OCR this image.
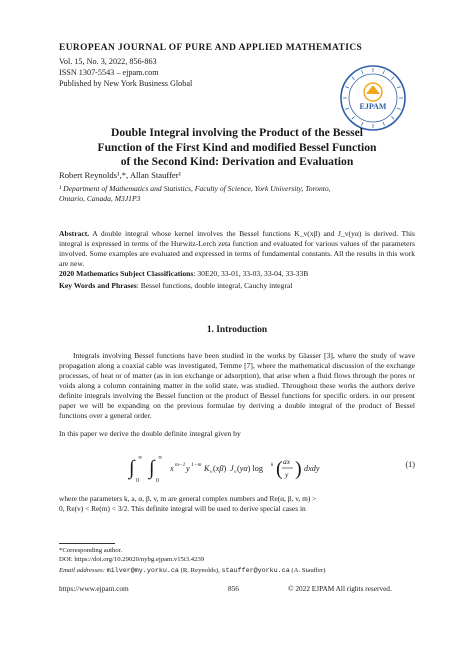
EUROPEAN JOURNAL OF PURE AND APPLIED MATHEMATICS
Vol. 15, No. 3, 2022, 856-863
ISSN 1307-5543 – ejpam.com
Published by New York Business Global
EJPAM
Double Integral involving the Product of the Bessel
Function of the First Kind and modified Bessel Function
of the Second Kind: Derivation and Evaluation
Robert Reynolds¹,*, Allan Stauffer¹
¹ Department of Mathematics and Statistics, Faculty of Science, York University, Toronto,
Ontario, Canada, M3J1P3
Abstract. A double integral whose kernel involves the Bessel functions K_v(xβ) and J_v(yα) is derived. This integral is expressed in terms of the Hurwitz-Lerch zeta function and evaluated for various values of the parameters involved. Some examples are evaluated and expressed in terms of fundamental constants. All the results in this work are new.
2020 Mathematics Subject Classifications: 30E20, 33-01, 33-03, 33-04, 33-33B
Key Words and Phrases: Bessel functions, double integral, Cauchy integral
1. Introduction
Integrals involving Bessel functions have been studied in the works by Glasser [3], where the study of wave propagation along a coaxial cable was investigated, Temme [7], where the mathematical discussion of the exchange processes, of heat or of matter (as in ion exchange or adsorption), that arise when a fluid flows through the pores or voids along a column containing matter in the solid state, was studied. Throughout these works the authors derive definite integrals involving the Bessel function or the product of Bessel functions for specific orders. in our present paper we will be expanding on the previous formulae by deriving a double integral of the product of Bessel functions over a general order.
In this paper we derive the double definite integral given by
∫ ∞
0
∫ ∞
0
x m−1 y 1−m K v (xβ) J v (yα) log k ( ax
y ) dxdy	(1)
where the parameters k, a, α, β, v, m are general complex numbers and Re(α, β, v, m) >
0, Re(v) < Re(m) < 3/2. This definite integral will be used to derive special cases in
*Corresponding author.
DOI: https://doi.org/10.29020/nybg.ejpam.v15i3.4239
Email addresses: milver@my.yorku.ca (R. Reynolds), stauffer@yorku.ca (A. Stauffer)
https://www.ejpam.com	856	© 2022 EJPAM All rights reserved.
